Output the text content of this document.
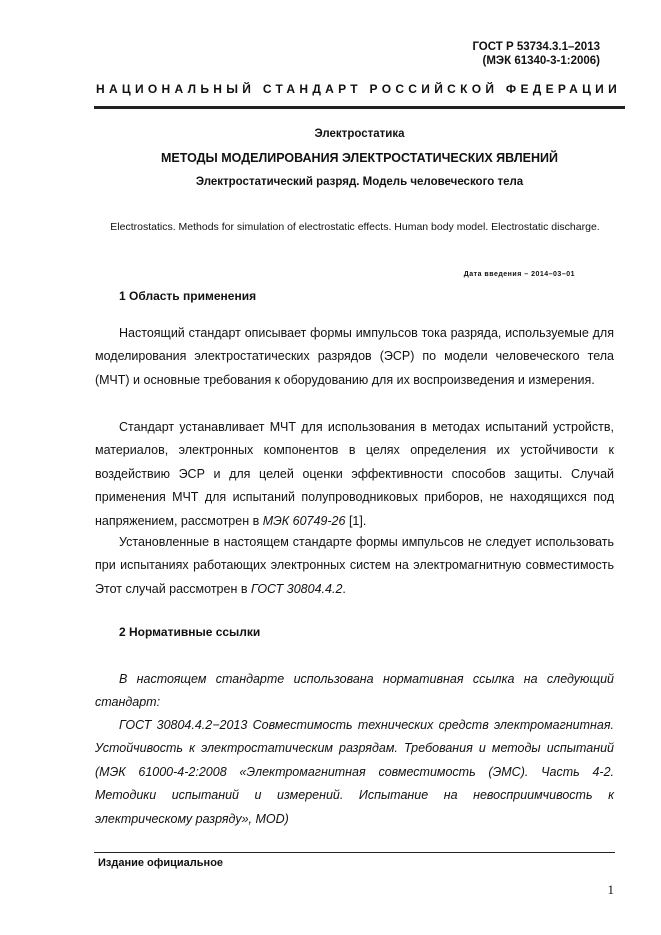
ГОСТ Р 53734.3.1–2013
(МЭК 61340-3-1:2006)
НАЦИОНАЛЬНЫЙ СТАНДАРТ РОССИЙСКОЙ ФЕДЕРАЦИИ
Электростатика
МЕТОДЫ МОДЕЛИРОВАНИЯ ЭЛЕКТРОСТАТИЧЕСКИХ ЯВЛЕНИЙ
Электростатический разряд. Модель человеческого тела
Electrostatics. Methods for simulation of electrostatic effects. Human body model. Electrostatic discharge.
Дата введения – 2014–03–01
1 Область применения

Настоящий стандарт описывает формы импульсов тока разряда, используемые для моделирования электростатических разрядов (ЭСР) по модели человеческого тела (МЧТ) и основные требования к оборудованию для их воспроизведения и измерения.

Стандарт устанавливает МЧТ для использования в методах испытаний устройств, материалов, электронных компонентов в целях определения их устойчивости к воздействию ЭСР и для целей оценки эффективности способов защиты. Случай применения МЧТ для испытаний полупроводниковых приборов, не находящихся под напряжением, рассмотрен в МЭК 60749-26 [1].

Установленные в настоящем стандарте формы импульсов не следует использовать при испытаниях работающих электронных систем на электромагнитную совместимость Этот случай рассмотрен в ГОСТ 30804.4.2.

2 Нормативные ссылки

В настоящем стандарте использована нормативная ссылка на следующий стандарт:

ГОСТ 30804.4.2−2013 Совместимость технических средств электромагнитная. Устойчивость к электростатическим разрядам. Требования и методы испытаний (МЭК 61000-4-2:2008 «Электромагнитная совместимость (ЭМС). Часть 4-2. Методики испытаний и измерений. Испытание на невосприимчивость к электрическому разряду», MOD)

Издание официальное
1
